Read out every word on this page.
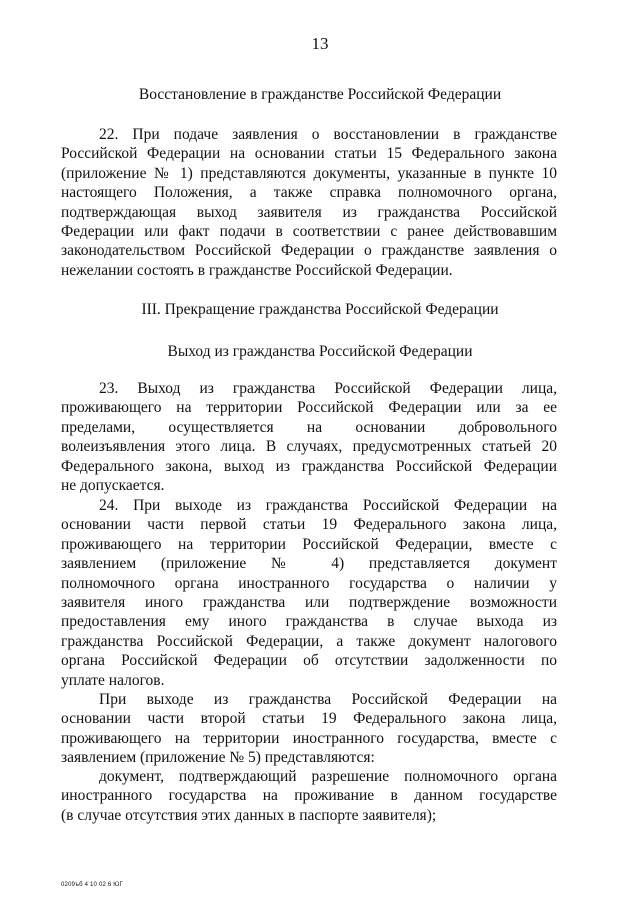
13
Восстановление в гражданстве Российской Федерации
22. При подаче заявления о восстановлении в гражданстве
Российской Федерации на основании статьи 15 Федерального закона
(приложение № 1) представляются документы, указанные в пункте 10
настоящего Положения, а также справка полномочного органа,
подтверждающая выход заявителя из гражданства Российской
Федерации или факт подачи в соответствии с ранее действовавшим
законодательством Российской Федерации о гражданстве заявления о
нежелании состоять в гражданстве Российской Федерации.
III. Прекращение гражданства Российской Федерации
Выход из гражданства Российской Федерации
23. Выход из гражданства Российской Федерации лица,
проживающего на территории Российской Федерации или за ее
пределами, осуществляется на основании добровольного
волеизъявления этого лица. В случаях, предусмотренных статьей 20
Федерального закона, выход из гражданства Российской Федерации
не допускается.
24. При выходе из гражданства Российской Федерации на
основании части первой статьи 19 Федерального закона лица,
проживающего на территории Российской Федерации, вместе с
заявлением (приложение № 4) представляется документ
полномочного органа иностранного государства о наличии у
заявителя иного гражданства или подтверждение возможности
предоставления ему иного гражданства в случае выхода из
гражданства Российской Федерации, а также документ налогового
органа Российской Федерации об отсутствии задолженности по
уплате налогов.
При выходе из гражданства Российской Федерации на
основании части второй статьи 19 Федерального закона лица,
проживающего на территории иностранного государства, вместе с
заявлением (приложение № 5) представляются:
документ, подтверждающий разрешение полномочного органа
иностранного государства на проживание в данном государстве
(в случае отсутствия этих данных в паспорте заявителя);
0209ъб 4 10 02 6 ЮГ
